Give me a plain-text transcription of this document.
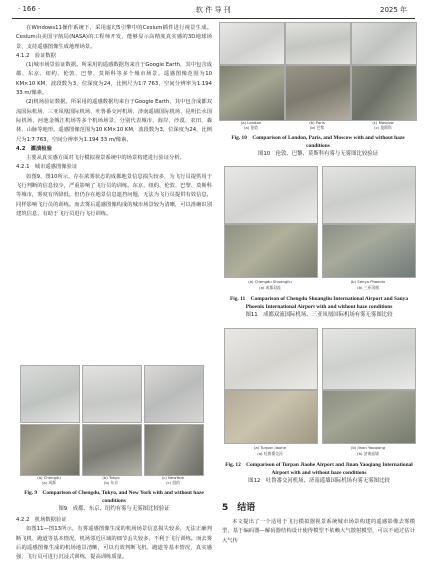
· 166 ·	软 件 导 刊	2025 年

在Windows11操作系统下，采用虚幻5引擎中的Cesium插件进行视景生成。Cesium由美国宇航局(NASA)的工程师开发，能够显示高精度真实感的3D地球场景，支持遥感图像生成地理场景。

4.1.2　验证数据

(1)城市场景验证数据。所采用的遥感数据均来自于Google Earth，其中包含成都、东京、纽约、伦敦、巴黎、莫斯科等多个城市场景。遥感图像范围为10 KM×10 KM，波段数为3，位深度为24，比例尺为1∶7 763，空间分辨率为1.194 33 m/像素。

(2)机场验证数据。所采用的遥感数据均来自于Google Earth，其中包含成都双流国际机场、三亚凤凰国际机场、吐鲁番交河机场、济南遥墙国际机场、昆明长水国际机场、河池金城江机场等多个机场场景，分别代表城市、海岸、沙漠、农田、森林、山脉等地形。遥感图像范围为10 KM×10 KM，波段数为3，位深度为24，比例尺为1∶7 763，空间分辨率为1.194 33 m/像素。

4.2　灌渍检验

主要从真实感方面对飞行模拟视景系统中的场景构建进行验证分析。

4.2.1　城市遥感图像验证

如图9、图10所示，存在浓雾状态的成都地景信息损失较多，为飞行员提供用于飞行判断的信息较少，严重影响了飞行员的训练。东京、纽约、伦敦、巴黎、莫斯科等城市，雾度有所降低，但仍存在地景信息遮挡问题，无法为飞行员提供有效信息，同样影响飞行员的训练。而去雾后遥感图像构成的城市场景较为清晰，可以准确识别建筑信息，有助于飞行员进行飞行训练。

(a) Chengdu	(b) Tokyo	(c) NewYork
(a) 成都	(b) 东京	(c) 纽约
Fig. 9　Comparison of Chengdu, Tokyo, and New York with and without haze conditions
图9　成都、东京、纽约有雾与无雾图比较验证

4.2.2　机场数据验证

如图11—图13所示，有雾遥感图像生成的机场场景信息损失较多，无法正确判断飞机、跑道等基本情况，机场邻近区域的细节丢失较多，不利于飞行训练。而去雾后的遥感图像生成的机场地景清晰，可以有效判断飞机、跑道等基本情况，真实感强，飞行员可进行沉浸式训练，提高训练质量。

(a) London	(b) Paris	(c) Moscow
(a) 伦敦	(b) 巴黎	(c) 莫斯科
Fig. 10　Comparison of London, Paris, and Moscow with and without haze conditions
图10　伦敦、巴黎、莫斯科有雾与无雾图比较验证
(a) Chengdu Shuangliu	(b) Sanya Phoenix
(a) 成都双流	(b) 三亚凤凰
Fig. 11　Comparison of Chengdu Shuangliu International Airport and Sanya Phoenix International Airport with and without haze conditions
图11　成都双流国际机场、三亚凤凰国际机场有雾无雾图比较
(a) Turpan Jiaohe	(b) Jinan Yaoqiang
(a) 吐鲁番交河	(b) 济南遥墙
Fig. 12　Comparison of Turpan Jiaohe Airport and Jinan Yaoqiang International Airport with and without haze conditions
图12　吐鲁番交河机场、济南遥墙国际机场有雾无雾图比较
5　结语

本文提出了一个适用于飞行模拟器视景系统城市场景构建的遥感影像去雾模型，基于编码器—解码器结构设计使得模型不依赖大气散射模型，可以不通过估计大气传
